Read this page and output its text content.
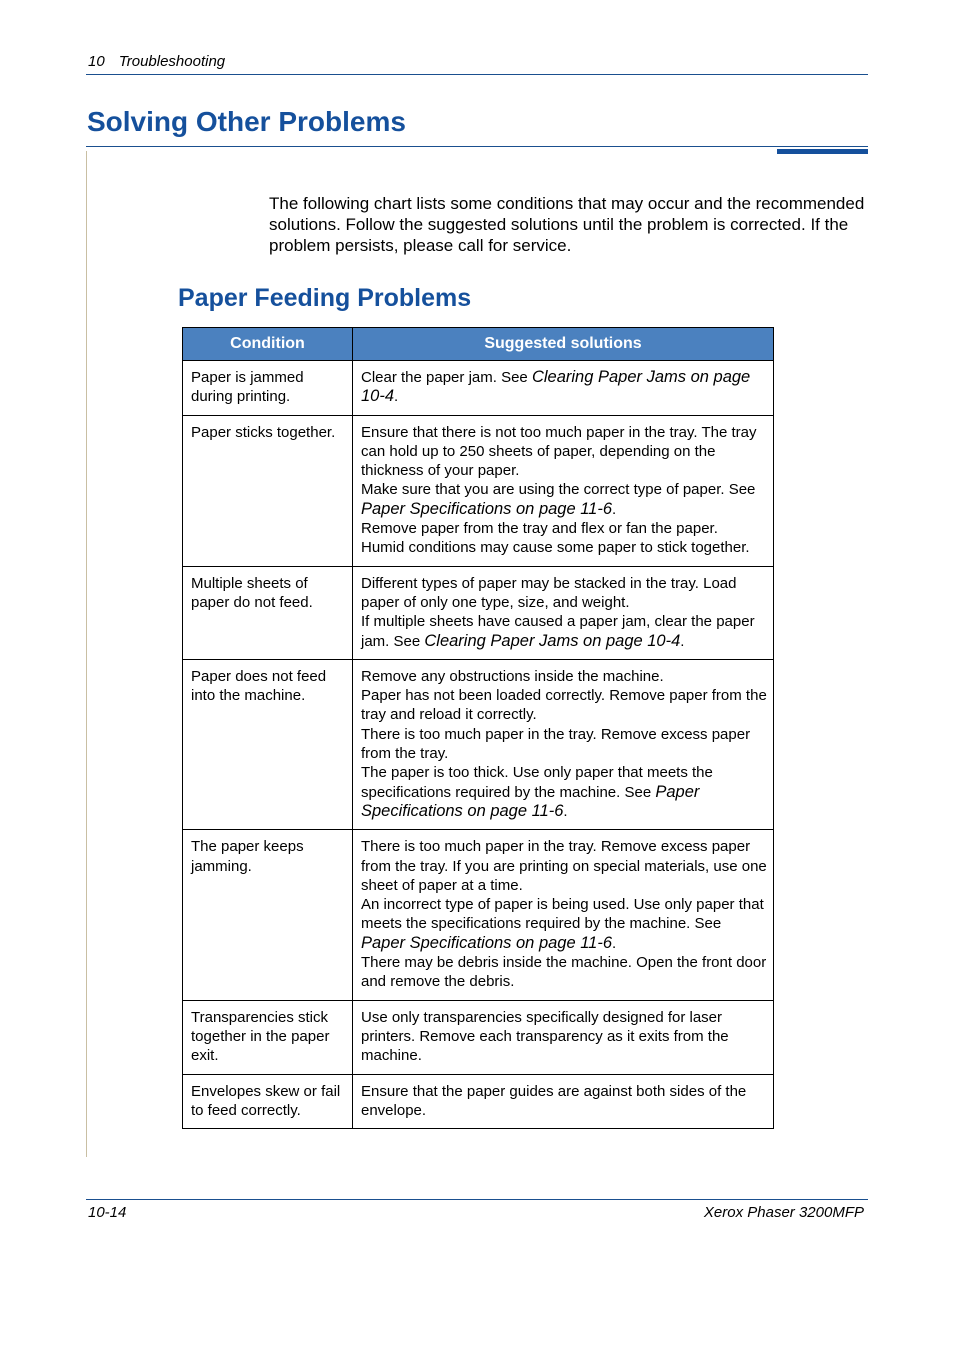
10 Troubleshooting
Solving Other Problems

The following chart lists some conditions that may occur and the recommended solutions. Follow the suggested solutions until the problem is corrected. If the problem persists, please call for service.

Paper Feeding Problems
Condition	Suggested solutions
Paper is jammed during printing.	Clear the paper jam. See Clearing Paper Jams on page 10-4.

Paper sticks together.	Ensure that there is not too much paper in the tray. The tray can hold up to 250 sheets of paper, depending on the thickness of your paper.
Make sure that you are using the correct type of paper. See Paper Specifications on page 11-6.
Remove paper from the tray and flex or fan the paper.
Humid conditions may cause some paper to stick together.

Multiple sheets of paper do not feed.	Different types of paper may be stacked in the tray. Load paper of only one type, size, and weight.
If multiple sheets have caused a paper jam, clear the paper jam. See Clearing Paper Jams on page 10-4.

Paper does not feed into the machine.	Remove any obstructions inside the machine.
Paper has not been loaded correctly. Remove paper from the tray and reload it correctly.
There is too much paper in the tray. Remove excess paper from the tray.
The paper is too thick. Use only paper that meets the specifications required by the machine. See Paper Specifications on page 11-6.

The paper keeps jamming.	There is too much paper in the tray. Remove excess paper from the tray. If you are printing on special materials, use one sheet of paper at a time.
An incorrect type of paper is being used. Use only paper that meets the specifications required by the machine. See Paper Specifications on page 11-6.
There may be debris inside the machine. Open the front door and remove the debris.

Transparencies stick together in the paper exit.	Use only transparencies specifically designed for laser printers. Remove each transparency as it exits from the machine.

Envelopes skew or fail to feed correctly.	Ensure that the paper guides are against both sides of the envelope.
10-14	Xerox Phaser 3200MFP
